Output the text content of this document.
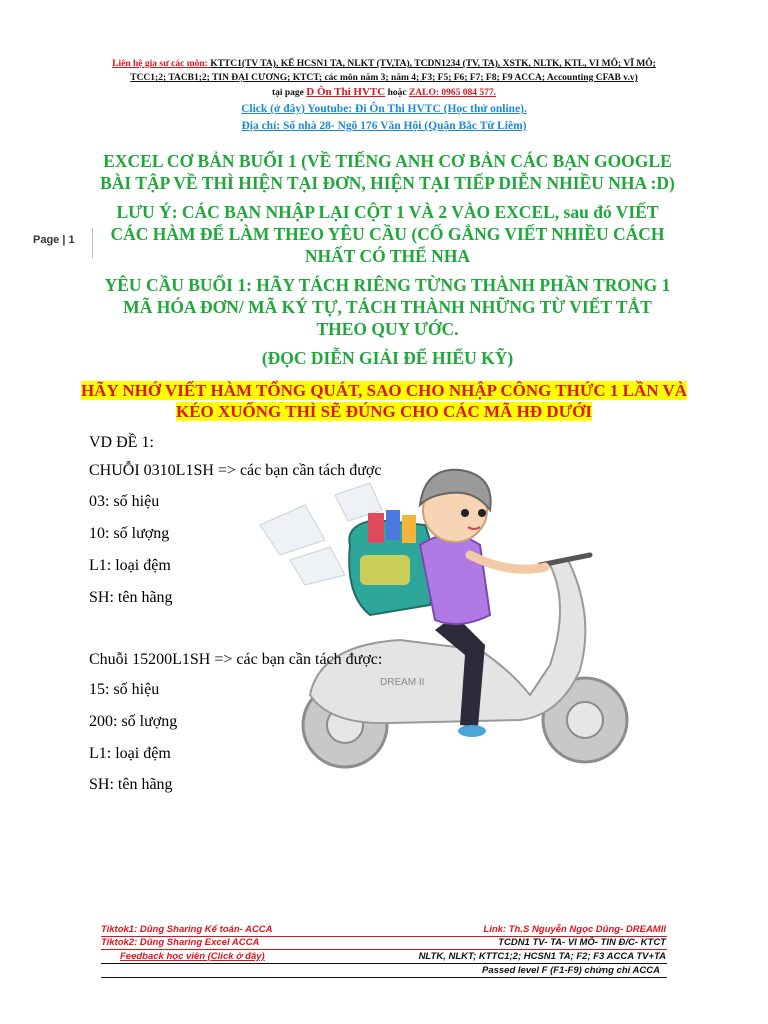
Liên hệ gia sư các môn: KTTC1(TV TA), KẾ HCSN1 TA, NLKT (TV,TA), TCDN1234 (TV, TA), XSTK, NLTK, KTL, VI MÔ; VĨ MÔ;
TCC1;2; TACB1;2; TIN ĐẠI CƯƠNG; KTCT; các môn năm 3; năm 4; F3; F5; F6; F7; F8; F9 ACCA; Accounting CFAB v.v)
tại page D Ôn Thi HVTC hoặc ZALO: 0965 084 577.
Click (ở đây) Youtube: Đi Ôn Thi HVTC (Học thử online).
Địa chỉ: Số nhà 28- Ngõ 176 Văn Hội (Quận Bắc Từ Liêm)
Page | 1
DREAM II
EXCEL CƠ BẢN BUỔI 1 (VỀ TIẾNG ANH CƠ BẢN CÁC BẠN GOOGLE BÀI TẬP VỀ THÌ HIỆN TẠI ĐƠN, HIỆN TẠI TIẾP DIỄN NHIỀU NHA :D)
LƯU Ý: CÁC BẠN NHẬP LẠI CỘT 1 VÀ 2 VÀO EXCEL, sau đó VIẾT CÁC HÀM ĐỂ LÀM THEO YÊU CẦU (CỐ GẮNG VIẾT NHIỀU CÁCH NHẤT CÓ THỂ NHA
YÊU CẦU BUỔI 1: HÃY TÁCH RIÊNG TỪNG THÀNH PHẦN TRONG 1 MÃ HÓA ĐƠN/ MÃ KÝ TỰ, TÁCH THÀNH NHỮNG TỪ VIẾT TẮT THEO QUY ƯỚC.
(ĐỌC DIỄN GIẢI ĐỂ HIỂU KỸ)
HÃY NHỚ VIẾT HÀM TỔNG QUÁT, SAO CHO NHẬP CÔNG THỨC 1 LẦN VÀ
KÉO XUỐNG THÌ SẼ ĐÚNG CHO CÁC MÃ HĐ DƯỚI
VD ĐỀ 1:
CHUỖI 0310L1SH => các bạn cần tách được
03: số hiệu
10: số lượng
L1: loại đệm
SH: tên hãng
Chuỗi 15200L1SH => các bạn cần tách được:
15: số hiệu
200: số lượng
L1: loại đệm
SH: tên hãng
Tiktok1: Dũng Sharing Kế toán- ACCA	Link: Th.S Nguyễn Ngọc Dũng- DREAMII
Tiktok2: Dũng Sharing Excel ACCA	TCDN1 TV- TA- VI MÔ- TIN Đ/C- KTCT
Feedback học viên (Click ở đây)	NLTK, NLKT; KTTC1;2; HCSN1 TA; F2; F3 ACCA TV+TA
Passed level F (F1-F9) chứng chỉ ACCA
